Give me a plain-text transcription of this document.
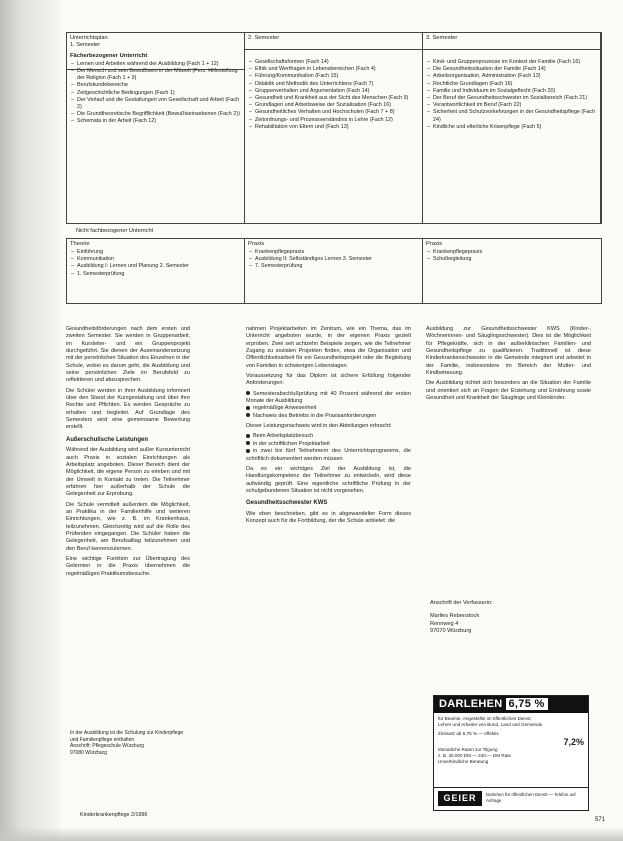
Unterrichtsplan
1. Semester
Fächerbezogener Unterricht
– Lernen und Arbeiten während der Ausbildung (Fach 1 + 12)
– Der Mensch und sein Bewußtsein in der Mitwelt (Pers. Hilfestellung der Religion (Fach 1 + 9)
– Berufskundebereiche
– Zeitgeschichtliche Bedingungen (Fach 1)
– Der Verlauf und die Gestaltungen von Gesellschaft und Arbeit (Fach 2)
– Die Grundtheoretische Begrifflichkeit (Bewußtseinsebenen (Fach 2))
– Schemata in der Arbeit (Fach 12)
2. Semester
– Gesellschaftsformen (Fach 14)
– Ethik und Wertfragen in Lebensbereichen (Fach 4)
– Führung/Kommunikation (Fach 15)
– Didaktik und Methodik des Unterrichtens (Fach 7)
– Gruppenverhalten und Argumentation (Fach 14)
– Gesundheit und Krankheit aus der Sicht des Menschen (Fach 9)
– Grundlagen und Arbeitsweise der Sozialisation (Fach 16)
– Gesundheitliches Verhalten und Hochschulen (Fach 7 + 8)
– Zeitordnungs- und Prozessverständnis in Lehre (Fach 12)
– Rehabilitation von Eltern und (Fach 13)
3. Semester
– Kind- und Gruppenprozesse im Kontext der Familie (Fach 16)
– Die Gesundheitssituation der Familie (Fach 14)
– Arbeitsorganisation, Administration (Fach 13)
– Rechtliche Grundlagen (Fach 16)
– Familie und Individuum im Sozialgeflecht (Fach 20)
– Der Beruf der Gesundheitsschwester im Sozialbereich (Fach 21)
– Verantwortlichkeit im Beruf (Fach 22)
– Sicherheit und Schutzvorkehrungen in der Gesundheitspflege (Fach 24)
– Kindliche und elterliche Krisenpflege (Fach 5)
Nicht fachbezogener Unterricht
Theorie
– Einführung
– Kommunikation
– Ausbildung I: Lernen und Planung 2. Semester
– 1. Semesterprüfung
Praxis
– Krankenpflegepraxis
– Ausbildung II: Selbständiges Lernen 3. Semester
– 7. Semesterprüfung
Praxis
– Krankenpflegepraxis
– Schulbegleitung

Gesundheitsförderungen nach dem ersten und zweiten Semester. Sie werden in Gruppenarbeit, im Kursleiter- und ein Gruppenprojekt durchgeführt. Sie dienen der Auseinandersetzung mit der persönlichen Situation des Einzelnen in der Schule, wobei es darum geht, die Ausbildung und seine persönlichen Ziele im Berufsfeld zu reflektieren und abzusprechen.

Die Schüler werden in ihrer Ausbildung informiert über den Stand der Kursgestaltung und über ihre Rechte und Pflichten. Es werden Gespräche zu erhalten und begleitet. Auf Grundlage des Semesters wird eine gemeinsame Bewertung erstellt.

Außerschulische Leistungen

Während der Ausbildung wird außer Kursunterricht auch Praxis in sozialen Einrichtungen als Arbeitsplatz angeboten. Dieser Bereich dient der Möglichkeit, die eigene Person zu erleben und mit der Umwelt in Kontakt zu treten. Die Teilnehmer erfahren hier außerhalb der Schule die Gelegenheit zur Erprobung.

Die Schule vermittelt außerdem die Möglichkeit, an Praktika in der Familienhilfe und weiteren Einrichtungen, wie z. B. im Krankenhaus, teilzunehmen. Gleichzeitig wird auf die Rolle des Prüfenden eingegangen. Die Schüler haben die Gelegenheit, am Berufsalltag teilzunehmen und den Beruf kennenzulernen.

Eine wichtige Funktion zur Übertragung des Gelernten in die Praxis übernehmen die regelmäßigen Praktikumsbesuche.

In der Ausbildung ist die Schulung zur Kinderpflege und Familienpflege enthalten
Anschrift: Pflegeschule Würzburg
97080 Würzburg

nahmen Projektarbeiten im Zentrum, wie ein Thema, das im Unterricht angeboten wurde, in der eigenen Praxis gezielt erproben. Zwei seit achtzehn Beispiele zeigen, wie die Teilnehmer Zugang zu sozialen Projekten finden, etwa die Organisation und Öffentlichkeitsarbeit für ein Gesundheitsprojekt oder die Begleitung von Familien in schwierigen Lebenslagen.

Voraussetzung für das Diplom ist sichere Erfüllung folgender Anforderungen:

Semesterabschlußprüfung mit 40 Prozent während der ersten Monate der Ausbildung
regelmäßige Anwesenheit
Nachweis des Betriebs in die Praxisanforderungen

Dieser Leistungsnachweis wird in den Abteilungen erbracht:

Beim Arbeitsplatzbesuch
in der schriftlichen Projektarbeit
in zwei bis fünf Teilnehmern des Unterrichtsprogramms, die schriftlich dokumentiert werden müssen

Da es ein wichtiges Ziel der Ausbildung ist, die Handlungskompetenz der Teilnehmer zu entwickeln, wird diese aufwändig geprüft. Eine eigentliche schriftliche Prüfung in der schulgebundenen Situation ist nicht vorgesehen.

Gesundheitsschwester KWS

Wie eben beschrieben, gibt es in abgewandelter Form dieses Konzept auch für die Fortbildung, der die Schule anbietet: die

Ausbildung zur Gesundheitsschwester KWS (Kinder-, Wöchnerinnen- und Säuglingsschwester). Dies ist die Möglichkeit für Pflegekräfte, sich in der außerklinischen Familien- und Gesundheitspflege zu qualifizieren. Traditionell ist diese Kinderkrankenschwester in die Gemeinde integriert und arbeitet in der Familie, insbesondere im Bereich der Mutter- und Kindbetreuung.

Die Ausbildung richtet sich besonders an die Situation der Familie und orientiert sich an Fragen der Erziehung und Ernährung sowie Gesundheit und Krankheit der Säuglinge und Kleinkinder.

Anschrift der Verfasserin:
Marlies Rebenstock
Rennweg 4
97070 Würzburg
DARLEHEN 6,75 %
für Beamte, Angestellte im öffentlichen Dienst
Lehrer und Arbeiter von Bund, Land und Gemeinde
Zinssatz ab 6,75 % — effektiv
7,2%
Monatliche Raten zur Tilgung
z. B. 30.000 DM — 240,— DM Rate
Unverbindliche Beratung
GEIER	Darlehen für öffentlichen Dienst — Telefon auf Anfrage
Kinderkrankenpflege 2/1996
571
